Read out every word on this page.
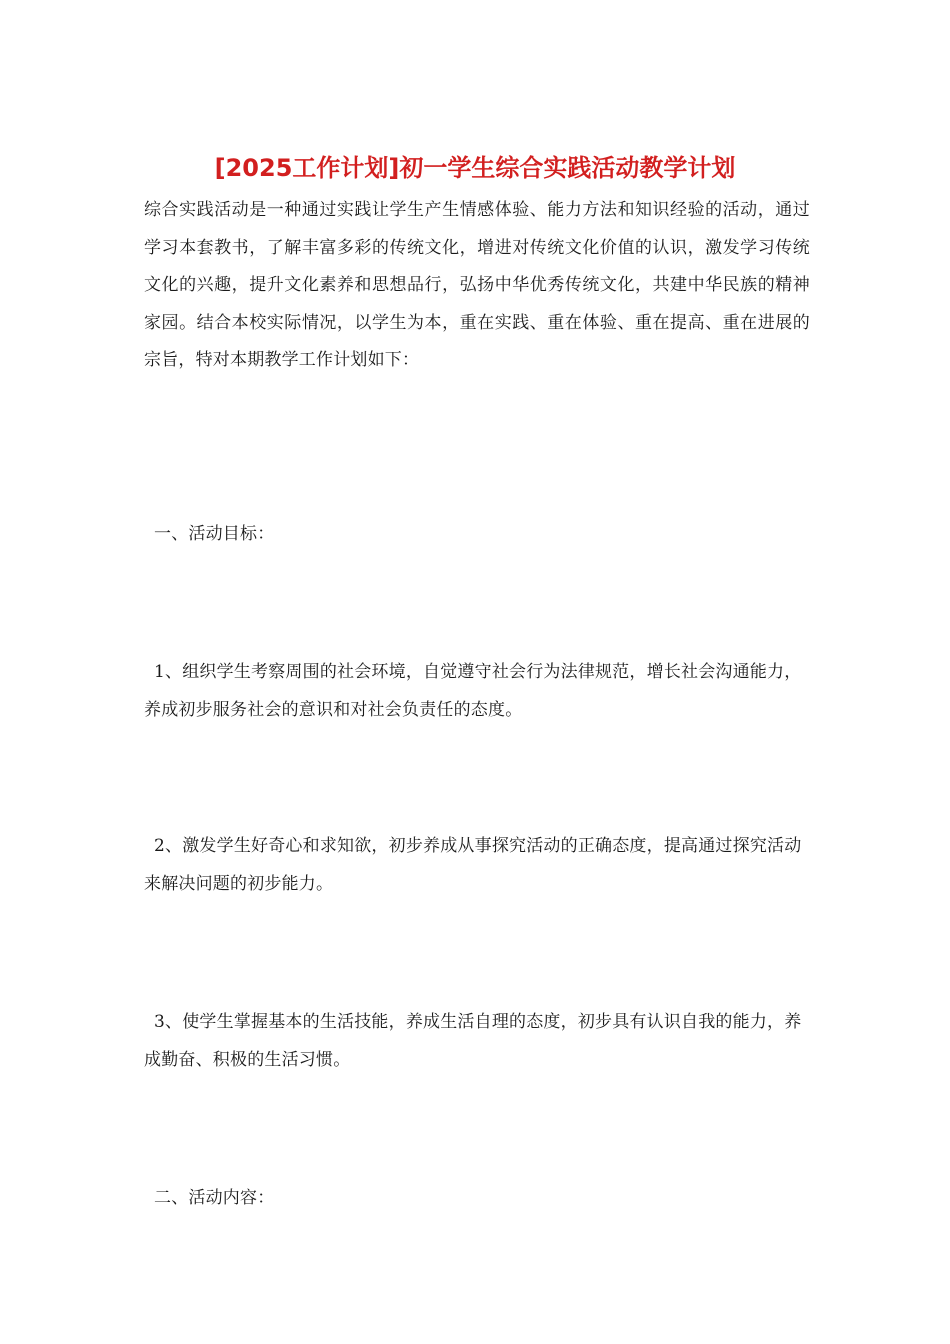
[2025工作计划]初一学生综合实践活动教学计划

综合实践活动是一种通过实践让学生产生情感体验、能力方法和知识经验的活动，通过学习本套教书，了解丰富多彩的传统文化，增进对传统文化价值的认识，激发学习传统文化的兴趣，提升文化素养和思想品行，弘扬中华优秀传统文化，共建中华民族的精神家园。结合本校实际情况，以学生为本，重在实践、重在体验、重在提高、重在进展的宗旨，特对本期教学工作计划如下：

一、活动目标：

1、组织学生考察周围的社会环境，自觉遵守社会行为法律规范，增长社会沟通能力，养成初步服务社会的意识和对社会负责任的态度。

2、激发学生好奇心和求知欲，初步养成从事探究活动的正确态度，提高通过探究活动来解决问题的初步能力。

3、使学生掌握基本的生活技能，养成生活自理的态度，初步具有认识自我的能力，养成勤奋、积极的生活习惯。

二、活动内容：
